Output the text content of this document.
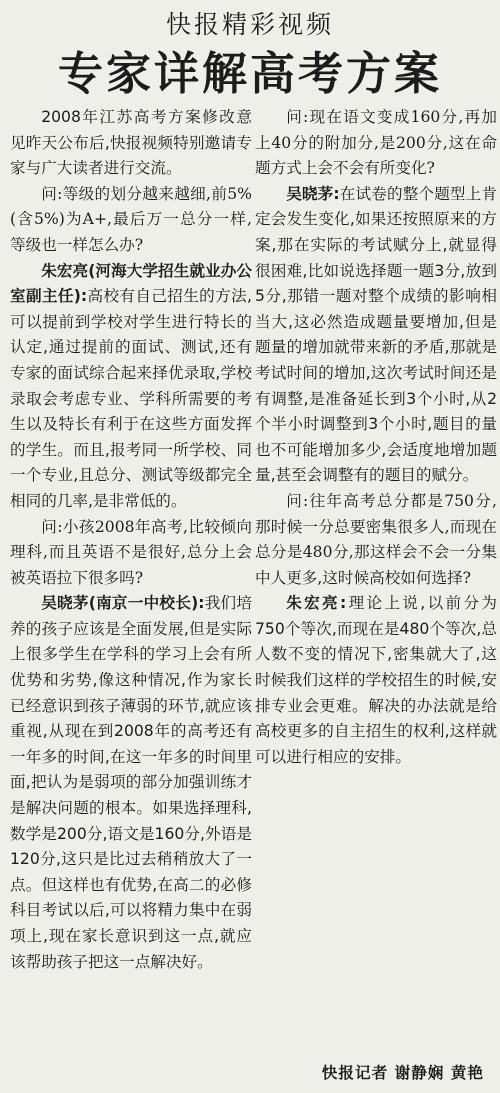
快报精彩视频
专家详解高考方案

2008年江苏高考方案修改意见昨天公布后,快报视频特别邀请专家与广大读者进行交流。

问:等级的划分越来越细,前5%(含5%)为A+,最后万一总分一样,等级也一样怎么办?

朱宏亮(河海大学招生就业办公室副主任):高校有自己招生的方法,可以提前到学校对学生进行特长的认定,通过提前的面试、测试,还有专家的面试综合起来择优录取,学校录取会考虑专业、学科所需要的考生以及特长有利于在这些方面发挥的学生。而且,报考同一所学校、同一个专业,且总分、测试等级都完全相同的几率,是非常低的。

问:小孩2008年高考,比较倾向理科,而且英语不是很好,总分上会被英语拉下很多吗?

吴晓茅(南京一中校长):我们培养的孩子应该是全面发展,但是实际上很多学生在学科的学习上会有所优势和劣势,像这种情况,作为家长已经意识到孩子薄弱的环节,就应该重视,从现在到2008年的高考还有一年多的时间,在这一年多的时间里面,把认为是弱项的部分加强训练才是解决问题的根本。如果选择理科,数学是200分,语文是160分,外语是120分,这只是比过去稍稍放大了一点。但这样也有优势,在高二的必修科目考试以后,可以将精力集中在弱项上,现在家长意识到这一点,就应该帮助孩子把这一点解决好。

问:现在语文变成160分,再加上40分的附加分,是200分,这在命题方式上会不会有所变化?

吴晓茅:在试卷的整个题型上肯定会发生变化,如果还按照原来的方案,那在实际的考试赋分上,就显得很困难,比如说选择题一题3分,放到5分,那错一题对整个成绩的影响相当大,这必然造成题量要增加,但是题量的增加就带来新的矛盾,那就是考试时间的增加,这次考试时间还是有调整,是准备延长到3个小时,从2个半小时调整到3个小时,题目的量也不可能增加多少,会适度地增加题量,甚至会调整有的题目的赋分。

问:往年高考总分都是750分,那时候一分总要密集很多人,而现在总分是480分,那这样会不会一分集中人更多,这时候高校如何选择?

朱宏亮:理论上说,以前分为750个等次,而现在是480个等次,总人数不变的情况下,密集就大了,这时候我们这样的学校招生的时候,安排专业会更难。解决的办法就是给高校更多的自主招生的权利,这样就可以进行相应的安排。

快报记者 谢静娴 黄艳
